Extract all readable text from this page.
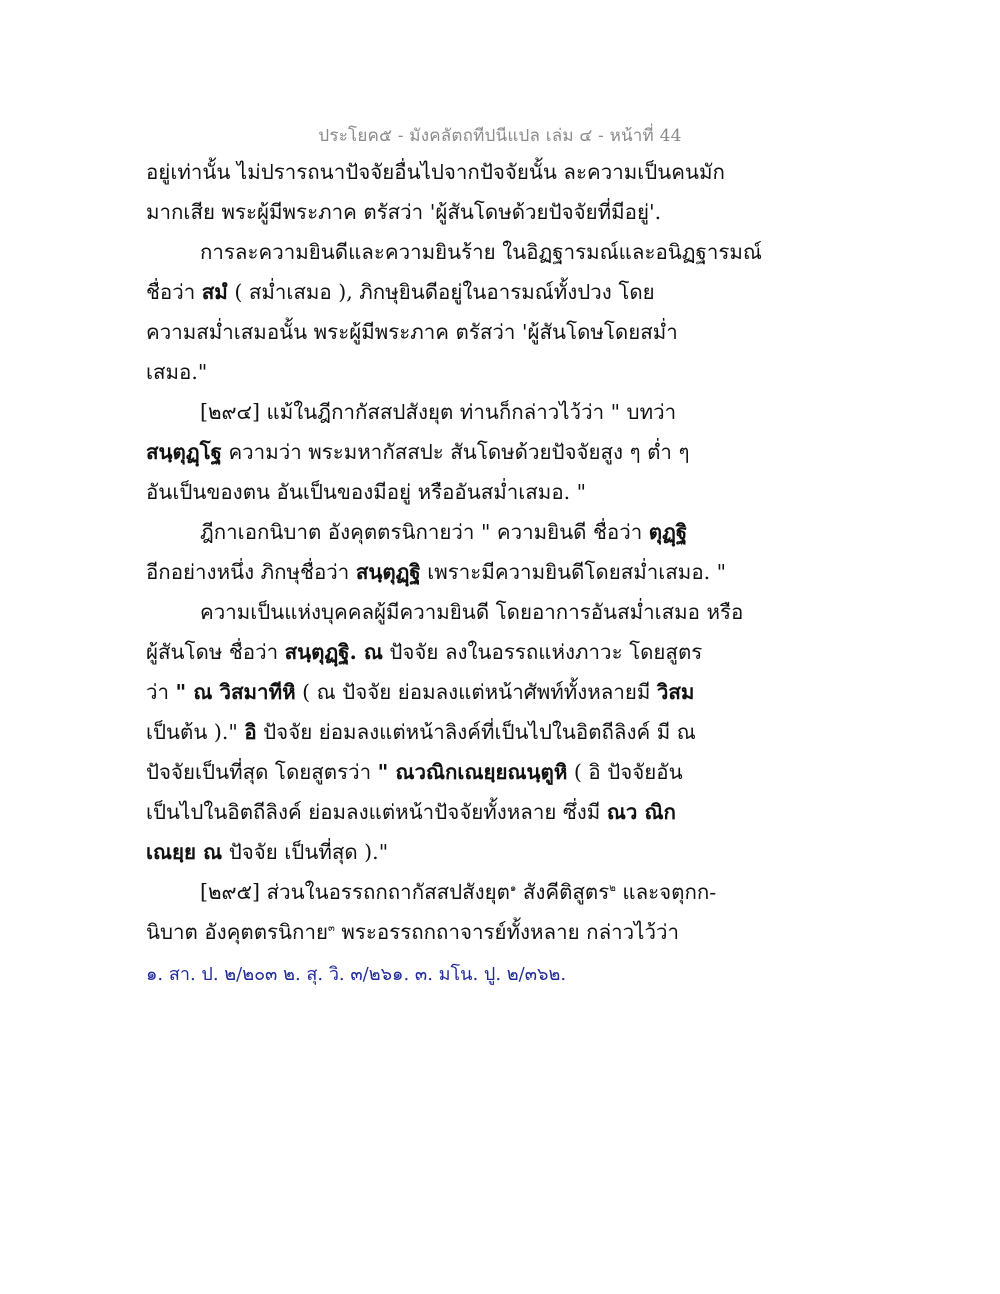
ประโยค๕ - มังคลัตถทีปนีแปล เล่ม ๔ - หน้าที่ 44
อยู่เท่านั้น ไม่ปรารถนาปัจจัยอื่นไปจากปัจจัยนั้น ละความเป็นคนมัก
มากเสีย พระผู้มีพระภาค ตรัสว่า 'ผู้สันโดษด้วยปัจจัยที่มีอยู่'.
การละความยินดีและความยินร้าย ในอิฏฐารมณ์และอนิฏฐารมณ์
ชื่อว่า สมํ ( สม่ำเสมอ ), ภิกษุยินดีอยู่ในอารมณ์ทั้งปวง โดย
ความสม่ำเสมอนั้น พระผู้มีพระภาค ตรัสว่า 'ผู้สันโดษโดยสม่ำ
เสมอ."
[๒๙๔] แม้ในฎีกากัสสปสังยุต ท่านก็กล่าวไว้ว่า " บทว่า
สนฺตุฏฺโฐ ความว่า พระมหากัสสปะ สันโดษด้วยปัจจัยสูง ๆ ต่ำ ๆ
อันเป็นของตน อันเป็นของมีอยู่ หรืออันสม่ำเสมอ. "
ฎีกาเอกนิบาต อังคุตตรนิกายว่า " ความยินดี ชื่อว่า ตุฏฺฐิ
อีกอย่างหนึ่ง ภิกษุชื่อว่า สนฺตุฏฺฐิ เพราะมีความยินดีโดยสม่ำเสมอ. "
ความเป็นแห่งบุคคลผู้มีความยินดี โดยอาการอันสม่ำเสมอ หรือ
ผู้สันโดษ ชื่อว่า สนฺตุฏฺฐิ. ณ ปัจจัย ลงในอรรถแห่งภาวะ โดยสูตร
ว่า " ณ วิสมาทีหิ ( ณ ปัจจัย ย่อมลงแต่หน้าศัพท์ทั้งหลายมี วิสม
เป็นต้น )." อิ ปัจจัย ย่อมลงแต่หน้าลิงค์ที่เป็นไปในอิตถีลิงค์ มี ณ
ปัจจัยเป็นที่สุด โดยสูตรว่า " ณวณิกเณยฺยณนฺตูหิ ( อิ ปัจจัยอัน
เป็นไปในอิตถีลิงค์ ย่อมลงแต่หน้าปัจจัยทั้งหลาย ซึ่งมี ณว ณิก
เณยฺย ณ ปัจจัย เป็นที่สุด )."
[๒๙๕] ส่วนในอรรถกถากัสสปสังยุต$^๑$ สังคีติสูตร$^๒$ และจตุกก-
นิบาต อังคุตตรนิกาย$^๓$ พระอรรถกถาจารย์ทั้งหลาย กล่าวไว้ว่า
๑. สา. ป. ๒/๒๐๓ ๒. สุ. วิ. ๓/๒๖๑. ๓. มโน. ปู. ๒/๓๖๒.
